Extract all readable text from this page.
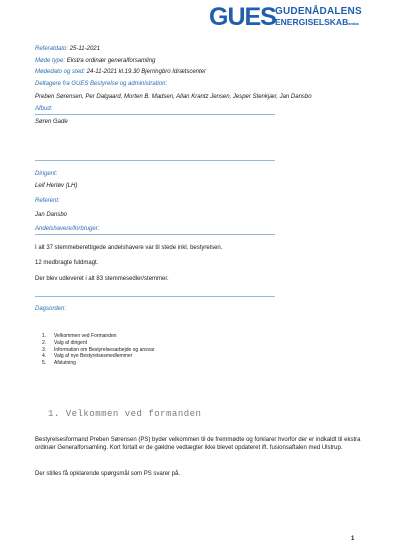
GUES GUDENÅDALENS
ENERGISELSKABamba
Referatdato: 25-11-2021
Møde type: Ekstra ordinær generalforsamling
Mødedato og sted: 24-11-2021 kl.19.30 Bjerringbro Idrætscenter
Deltagere fra GUES Bestyrelse og administration:
Preben Sørensen, Per Dalgaard, Morten B. Madsen, Allan Krantz Jensen, Jesper Stenkjær, Jan Dansbo
Afbud:
Søren Gade
Dirigent:
Leif Herløv (LH)
Referent:
Jan Dansbo
Andelshavere/forbruger:
I alt 37 stemmeberettigede andelshavere var til stede inkl. bestyrelsen.
12 medbragte fuldmagt.
Der blev udleveret i alt 83 stemmesedler/stemmer.
Dagsorden:
1. Velkommen ved Formanden
2. Valg af dirigent
3. Information om Bestyrelsesarbejde og ansvar
4. Valg af nye Bestyrelsesmedlemmer
5. Afslutning
1. Velkommen ved formanden
Bestyrelsesformand Preben Sørensen (PS) byder velkommen til de fremmødte og forklarer hvorfor der er indkaldt til ekstra ordinær Generalforsamling. Kort fortalt er de gældne vedtægter ikke blevet opdateret ift. fusionsaftalen med Ulstrup.
Der stilles få opklarende spørgsmål som PS svarer på.
1
